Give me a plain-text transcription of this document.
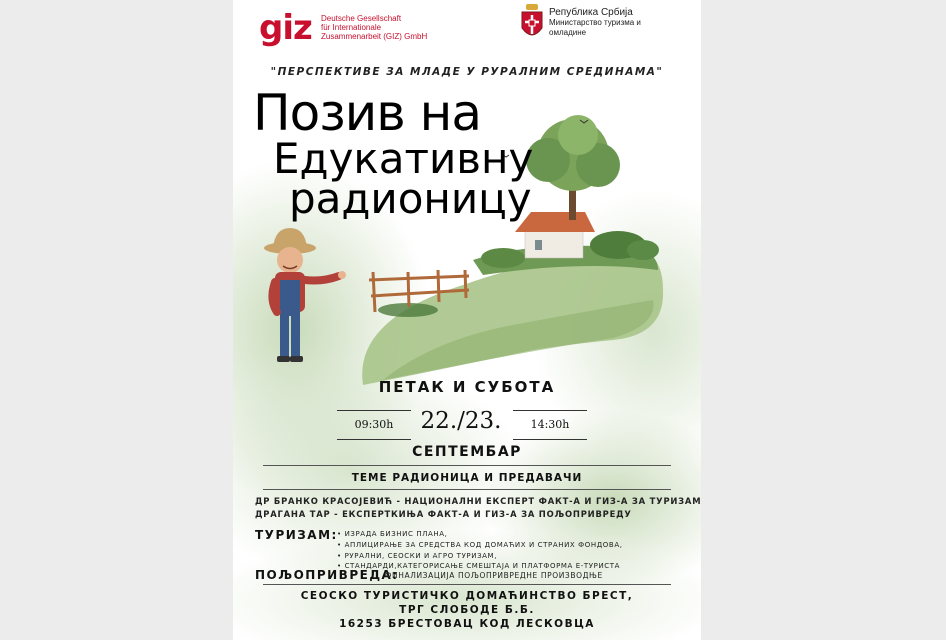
giz Deutsche Gesellschaft
für Internationale
Zusammenarbeit (GIZ) GmbH
Република Србија
Министарство туризма и
омладине
"ПЕРСПЕКТИВЕ ЗА МЛАДЕ У РУРАЛНИМ СРЕДИНАМА"
Позив на
Едукативну
радионицу
ПЕТАК И СУБОТА
09:30h	22./23.	14:30h
СЕПТЕМБАР
ТЕМЕ РАДИОНИЦА И ПРЕДАВАЧИ
ДР БРАНКО КРАСОЈЕВИЋ - НАЦИОНАЛНИ ЕКСПЕРТ ФАКТ-А И ГИЗ-А ЗА ТУРИЗАМ
ДРАГАНА ТАР - ЕКСПЕРТКИЊА ФАКТ-А И ГИЗ-А ЗА ПОЉОПРИВРЕДУ
ТУРИЗАМ:
• ИЗРАДА БИЗНИС ПЛАНА,
• АПЛИЦИРАЊЕ ЗА СРЕДСТВА КОД ДОМАЋИХ И СТРАНИХ ФОНДОВА,
• РУРАЛНИ, СЕОСКИ И АГРО ТУРИЗАМ,
• СТАНДАРДИ,КАТЕГОРИСАЊЕ СМЕШТАЈА И ПЛАТФОРМА Е-ТУРИСТА
ПОЉОПРИВРЕДА:
ФИНАЛИЗАЦИЈА ПОЉОПРИВРЕДНЕ ПРОИЗВОДЊЕ
СЕОСКО ТУРИСТИЧКО ДОМАЋИНСТВО БРЕСТ,
ТРГ СЛОБОДЕ Б.Б.
16253 БРЕСТОВАЦ КОД ЛЕСКОВЦА
